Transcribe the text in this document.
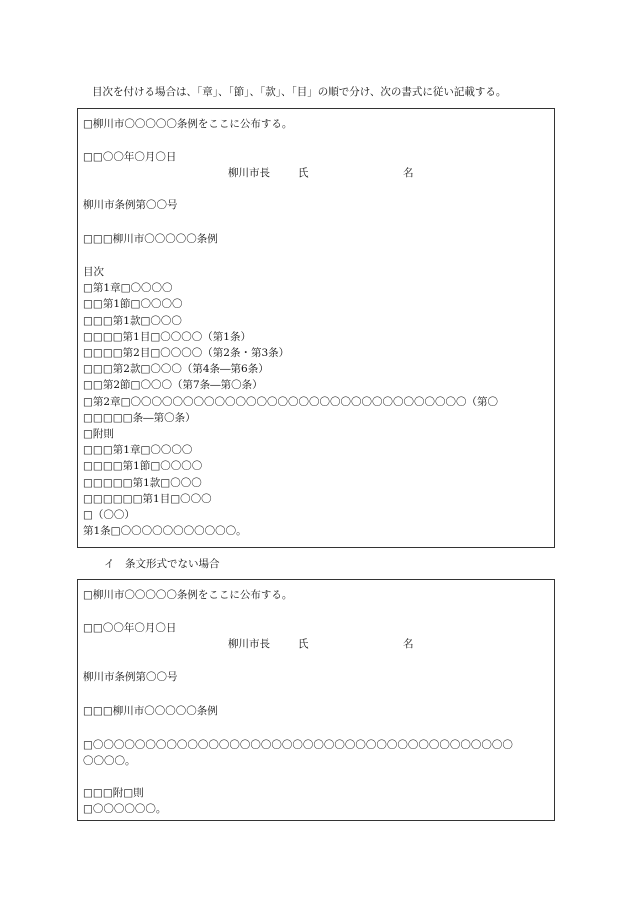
目次を付ける場合は、「章」、「節」、「款」、「目」の順で分け、次の書式に従い記載する。
□柳川市〇〇〇〇〇条例をここに公布する。
□□〇〇年〇月〇日
柳川市長	氏	名
柳川市条例第〇〇号
□□□柳川市〇〇〇〇〇条例
目次
□第1章□〇〇〇〇
□□第1節□〇〇〇〇
□□□第1款□〇〇〇
□□□□第1目□〇〇〇〇（第1条）
□□□□第2目□〇〇〇〇（第2条・第3条）
□□□第2款□〇〇〇（第4条―第6条）
□□第2節□〇〇〇（第7条―第〇条）
□第2章□〇〇〇〇〇〇〇〇〇〇〇〇〇〇〇〇〇〇〇〇〇〇〇〇〇〇〇〇〇〇〇〇（第〇
□□□□□条―第〇条）
□附則
□□□第1章□〇〇〇〇
□□□□第1節□〇〇〇〇
□□□□□第1款□〇〇〇
□□□□□□第1目□〇〇〇
□（〇〇）
第1条□〇〇〇〇〇〇〇〇〇〇〇。
イ　条文形式でない場合
□柳川市〇〇〇〇〇条例をここに公布する。
□□〇〇年〇月〇日
柳川市長	氏	名
柳川市条例第〇〇号
□□□柳川市〇〇〇〇〇条例
□〇〇〇〇〇〇〇〇〇〇〇〇〇〇〇〇〇〇〇〇〇〇〇〇〇〇〇〇〇〇〇〇〇〇〇〇〇〇〇〇
〇〇〇〇。
□□□附□則
□〇〇〇〇〇〇。
